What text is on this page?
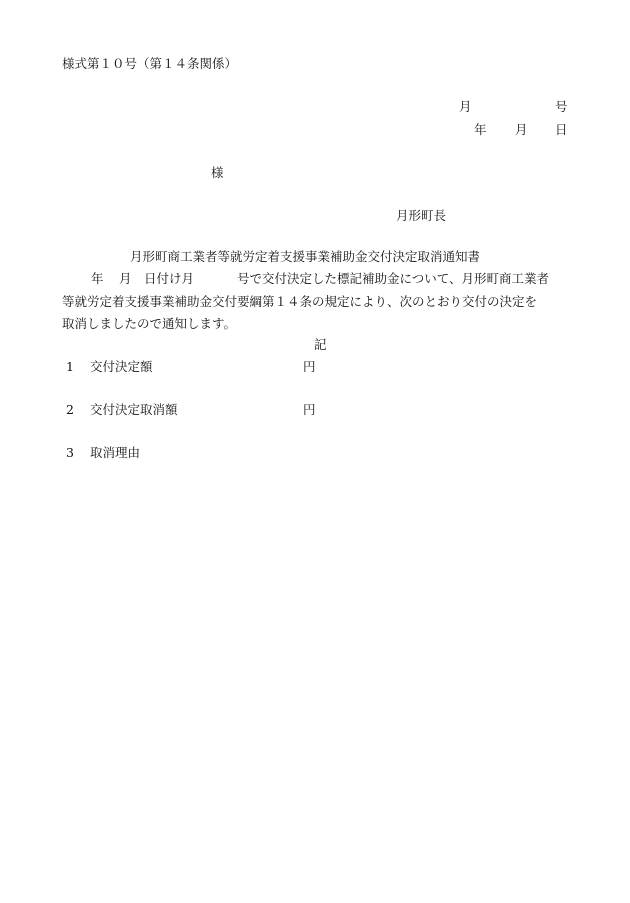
様式第１０号（第１４条関係）
月	号
年 月 日
様
月形町長
月形町商工業者等就労定着支援事業補助金交付決定取消通知書
年 月 日付け月	号で交付決定した標記補助金について、月形町商工業者
等就労定着支援事業補助金交付要綱第１４条の規定により、次のとおり交付の決定を
取消しましたので通知します。
記
1 交付決定額	円
2 交付決定取消額	円
3 取消理由
